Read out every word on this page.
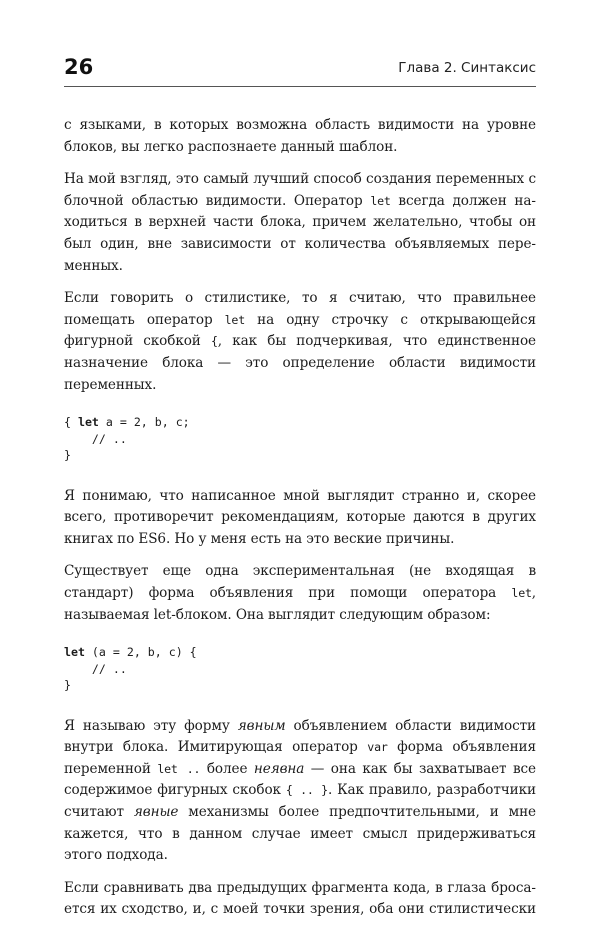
26	Глава 2. Синтаксис

с языками, в которых возможна область видимости на уровне блоков, вы легко распознаете данный шаблон.

На мой взгляд, это самый лучший способ создания переменных с блочной областью видимости. Оператор let всегда должен находиться в верхней части блока, причем желательно, чтобы он был один, вне зависимости от количества объявляемых переменных.

Если говорить о стилистике, то я считаю, что правильнее помещать оператор let на одну строчку с открывающейся фигурной скобкой {, как бы подчеркивая, что единственное назначение блока — это определение области видимости переменных.

{ let a = 2, b, c;
// ..
}

Я понимаю, что написанное мной выглядит странно и, скорее всего, противоречит рекомендациям, которые даются в других книгах по ES6. Но у меня есть на это веские причины.

Существует еще одна экспериментальная (не входящая в стандарт) форма объявления при помощи оператора let, называемая let-блоком. Она выглядит следующим образом:

let (a = 2, b, c) {
// ..
}

Я называю эту форму явным объявлением области видимости внутри блока. Имитирующая оператор var форма объявления переменной let .. более неявна — она как бы захватывает все содержимое фигурных скобок { .. }. Как правило, разработчики считают явные механизмы более предпочтительными, и мне кажется, что в данном случае имеет смысл придерживаться этого подхода.

Если сравнивать два предыдущих фрагмента кода, в глаза бросается их сходство, и, с моей точки зрения, оба они стилистически
